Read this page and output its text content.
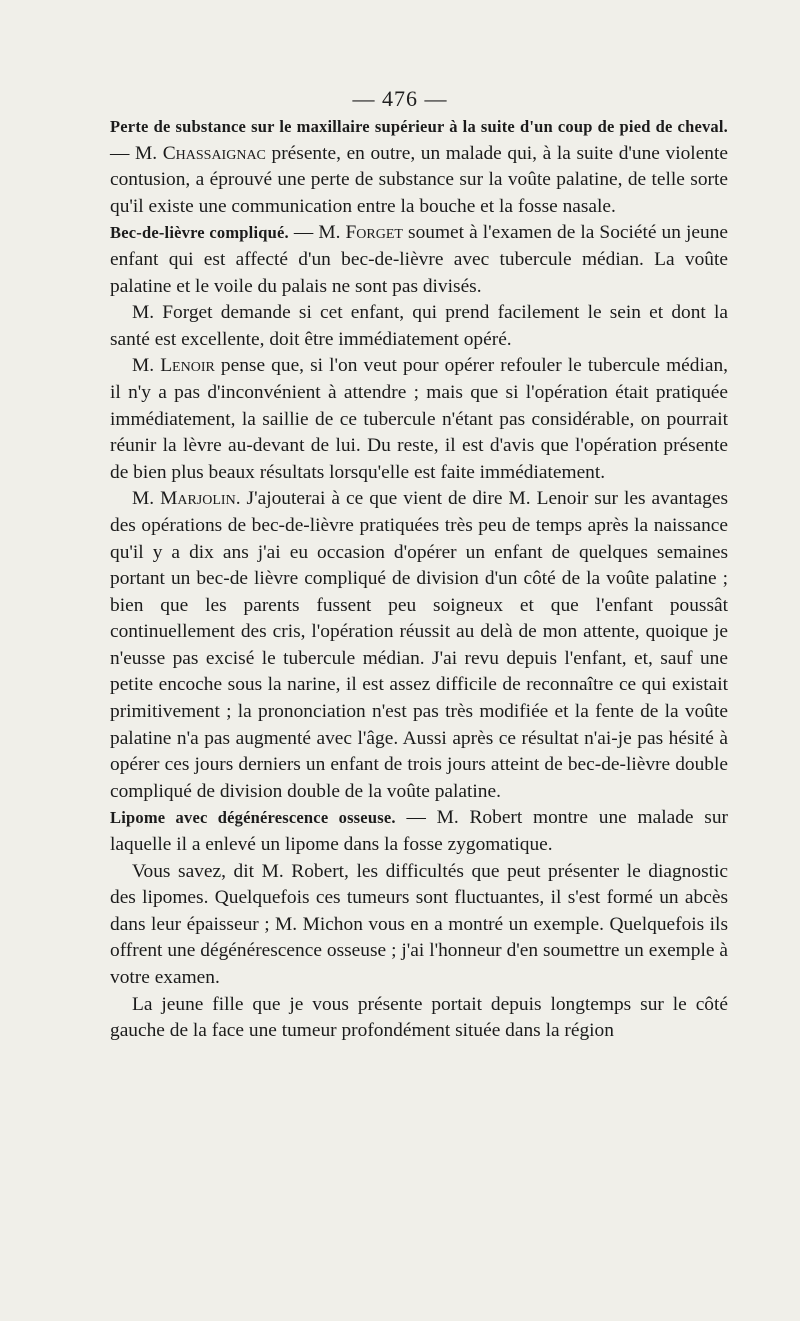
— 476 —

Perte de substance sur le maxillaire supérieur à la suite d'un coup de pied de cheval. — M. Chassaignac présente, en outre, un malade qui, à la suite d'une violente contusion, a éprouvé une perte de substance sur la voûte palatine, de telle sorte qu'il existe une communication entre la bouche et la fosse nasale.

Bec-de-lièvre compliqué. — M. Forget soumet à l'examen de la Société un jeune enfant qui est affecté d'un bec-de-lièvre avec tubercule médian. La voûte palatine et le voile du palais ne sont pas divisés.

M. Forget demande si cet enfant, qui prend facilement le sein et dont la santé est excellente, doit être immédiatement opéré.

M. Lenoir pense que, si l'on veut pour opérer refouler le tubercule médian, il n'y a pas d'inconvénient à attendre ; mais que si l'opération était pratiquée immédiatement, la saillie de ce tubercule n'étant pas considérable, on pourrait réunir la lèvre au-devant de lui. Du reste, il est d'avis que l'opération présente de bien plus beaux résultats lorsqu'elle est faite immédiatement.

M. Marjolin. J'ajouterai à ce que vient de dire M. Lenoir sur les avantages des opérations de bec-de-lièvre pratiquées très peu de temps après la naissance qu'il y a dix ans j'ai eu occasion d'opérer un enfant de quelques semaines portant un bec-de lièvre compliqué de division d'un côté de la voûte palatine ; bien que les parents fussent peu soigneux et que l'enfant poussât continuellement des cris, l'opération réussit au delà de mon attente, quoique je n'eusse pas excisé le tubercule médian. J'ai revu depuis l'enfant, et, sauf une petite encoche sous la narine, il est assez difficile de reconnaître ce qui existait primitivement ; la prononciation n'est pas très modifiée et la fente de la voûte palatine n'a pas augmenté avec l'âge. Aussi après ce résultat n'ai-je pas hésité à opérer ces jours derniers un enfant de trois jours atteint de bec-de-lièvre double compliqué de division double de la voûte palatine.

Lipome avec dégénérescence osseuse. — M. Robert montre une malade sur laquelle il a enlevé un lipome dans la fosse zygomatique.

Vous savez, dit M. Robert, les difficultés que peut présenter le diagnostic des lipomes. Quelquefois ces tumeurs sont fluctuantes, il s'est formé un abcès dans leur épaisseur ; M. Michon vous en a montré un exemple. Quelquefois ils offrent une dégénérescence osseuse ; j'ai l'honneur d'en soumettre un exemple à votre examen.

La jeune fille que je vous présente portait depuis longtemps sur le côté gauche de la face une tumeur profondément située dans la région
